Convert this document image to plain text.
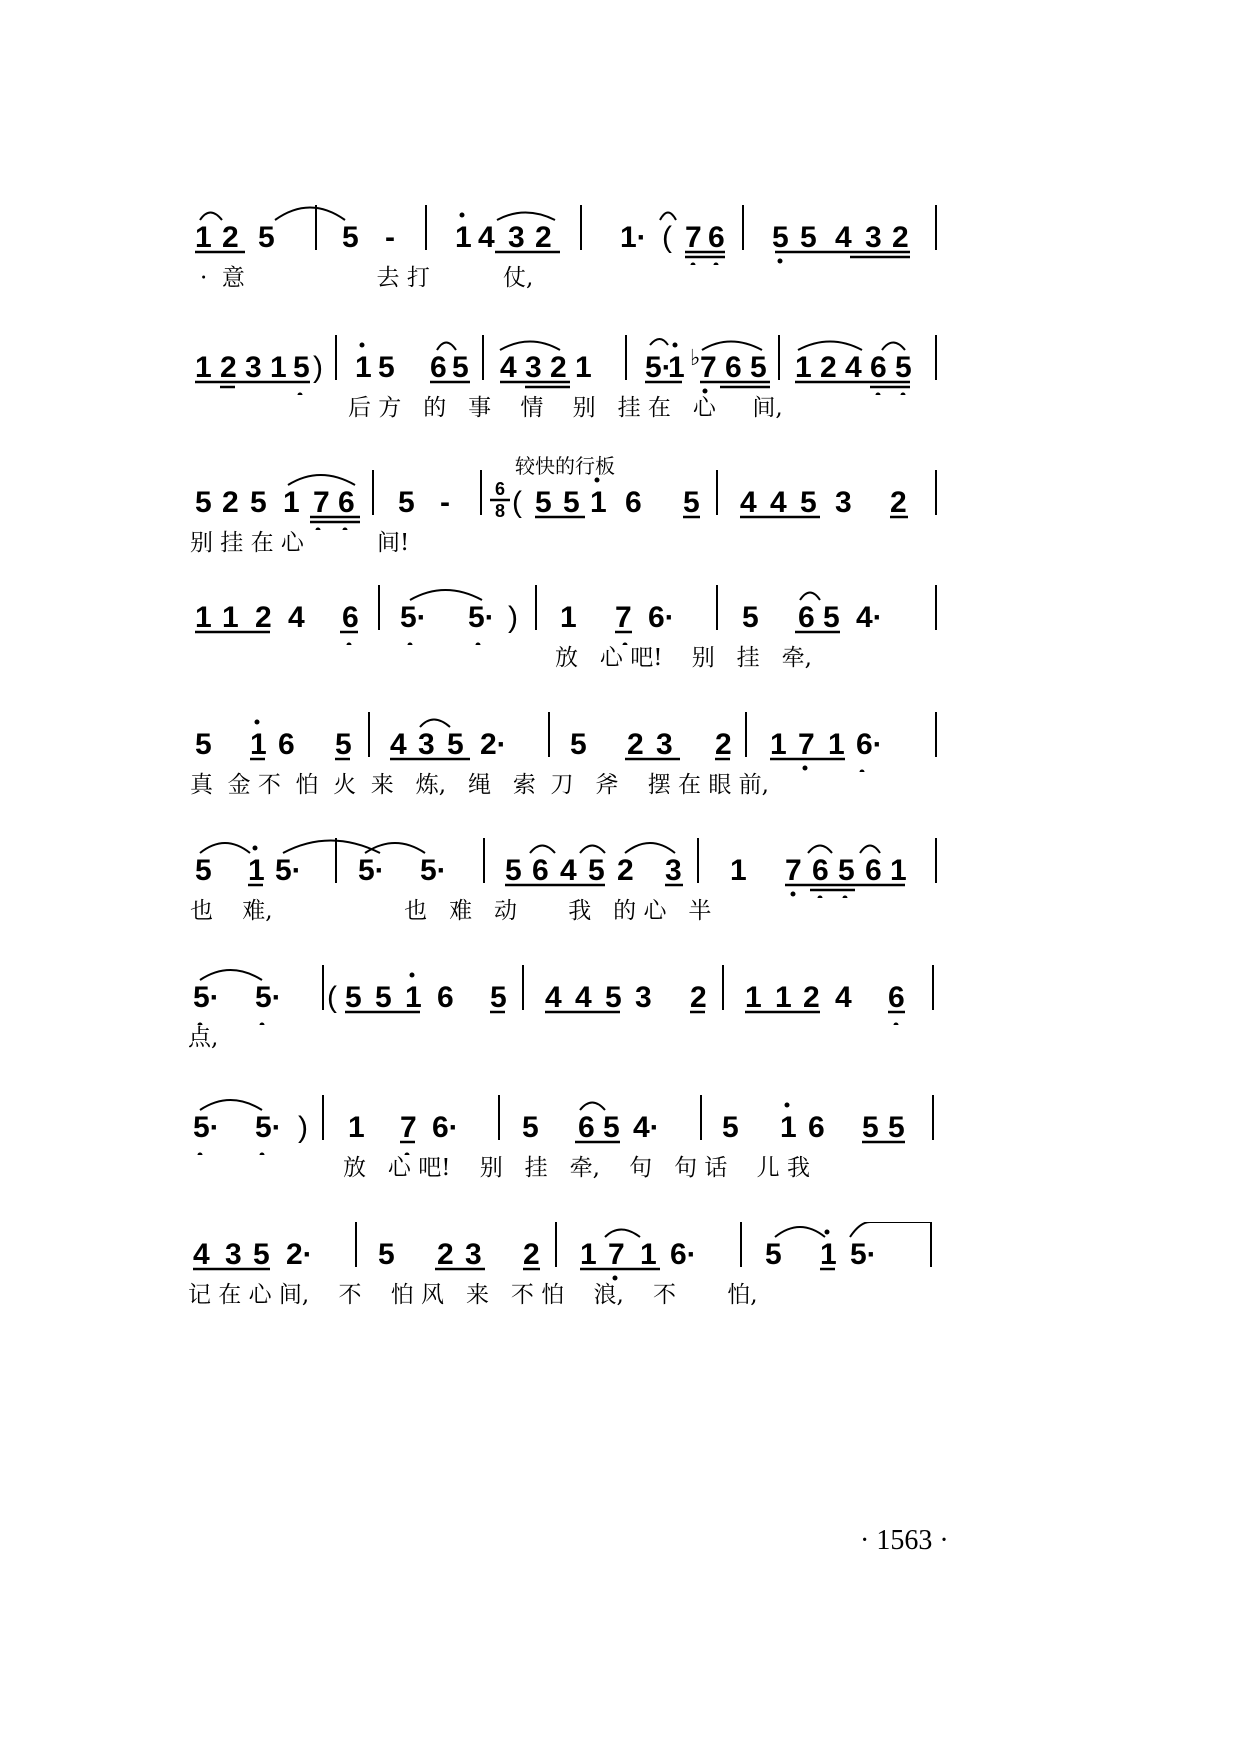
1 2 5 5 - 1 4 3 2 1· ( 7 6 5 5 4 3 2
·  意                  去 打          仗,
1 2 3 1 5 ) 1 5 6 5 4 3 2 1 5·
1 ♭ 7 6 5 1 2 4 6 5
后 方   的   事    情    别   挂 在   心     间,
较快的行板
5 2 5 1 7 6 5 - 6
8 ( 5 5 1 6 5 4 4 5 3 2
别 挂 在 心          间!
1 1 2 4 6 5· 5· ) 1 7 6· 5 6 5 4·
放   心 吧!    别   挂   牵,
5 1 6 5 4 3 5 2· 5 2 3 2 1 7 1 6·
真  金 不  怕  火  来   炼,   绳   索  刀   斧    摆 在 眼 前,
5 1 5· 5· 5· 5 6 4 5 2 3 1 7 6 5 6 1
也    难,                  也   难   动       我   的 心   半
5· 5· ( 5 5 1 6 5 4 4 5 3 2 1 1 2 4 6
点,
5· 5· ) 1 7 6· 5 6 5 4· 5 1 6 5 5
放   心 吧!    别   挂   牵,    句   句 话    儿 我
4 3 5 2· 5 2 3 2 1 7 1 6· 5 1 5·
记 在 心 间,    不    怕 风   来   不 怕    浪,    不       怕,
· 1563 ·
1 2 5 | 5 - | i 4 3 2 | 1· ( 7 6 | 5 5 4 3 2 | 1 2 3 1 5 ) | i 5 6 5 | 4 3 2 1 | 5·i ♭7 6 5 | 1 2 4 6 5 | 5 2 5 1 7 6 | 5 - | 6/8 ( 5 5 i 6 5 | 4 4 5 3 2 | 1 1 2 4 6 | 5· 5· ) | 1 7 6· | 5 6 5 4· | 5 i 6 5 | 4 3 5 2· | 5 2 3 2 | 1 7 1 6· | 5 i 5· | 5· 5· | 5 6 4 5 2 3 | 1 7 6 5 6 1 | 5· 5· | ( 5 5 i 6 5 | 4 4 5 3 2 | 1 1 2 4 6 | 5· 5· ) | 1 7 6· | 5 6 5 4· | 5 i 6 5 5 | 4 3 5 2· | 5 2 3 2 | 1 7 1 6· | 5 i 5· |
